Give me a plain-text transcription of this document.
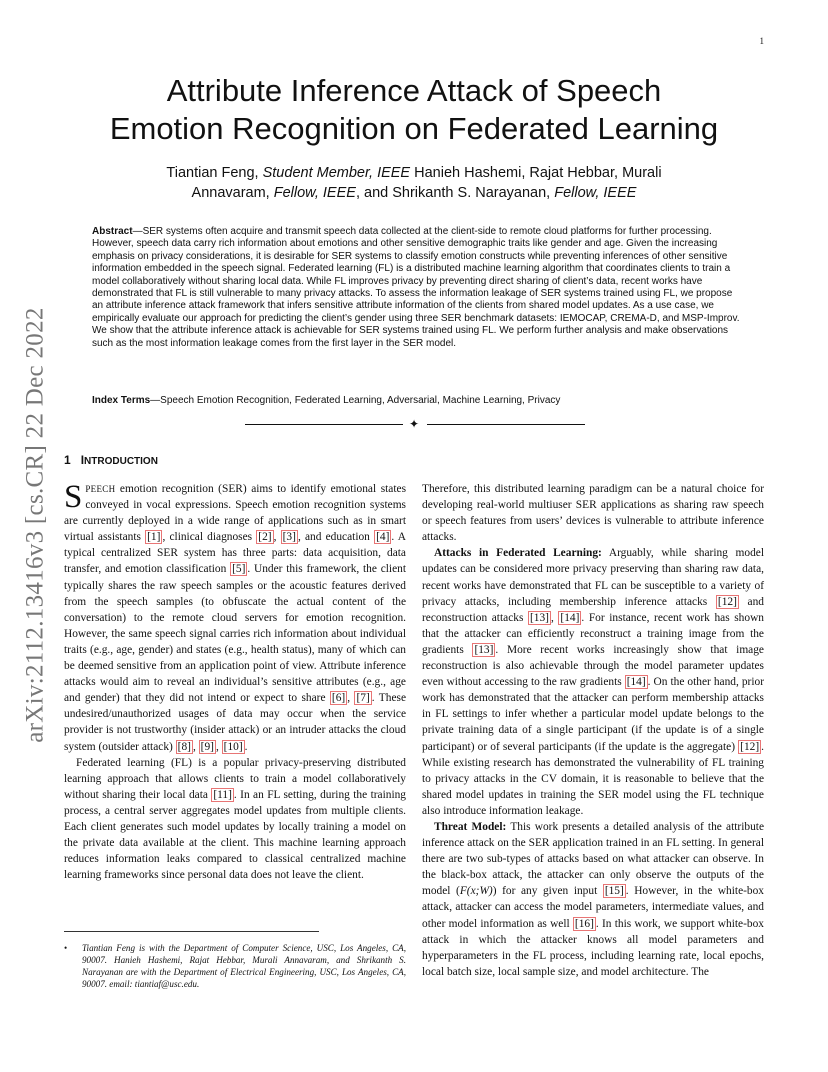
1
arXiv:2112.13416v3 [cs.CR] 22 Dec 2022
Attribute Inference Attack of Speech
Emotion Recognition on Federated Learning
Tiantian Feng, Student Member, IEEE Hanieh Hashemi, Rajat Hebbar, Murali
Annavaram, Fellow, IEEE, and Shrikanth S. Narayanan, Fellow, IEEE
Abstract—SER systems often acquire and transmit speech data collected at the client-side to remote cloud platforms for further processing. However, speech data carry rich information about emotions and other sensitive demographic traits like gender and age. Given the increasing emphasis on privacy considerations, it is desirable for SER systems to classify emotion constructs while preventing inferences of other sensitive information embedded in the speech signal. Federated learning (FL) is a distributed machine learning algorithm that coordinates clients to train a model collaboratively without sharing local data. While FL improves privacy by preventing direct sharing of client’s data, recent works have demonstrated that FL is still vulnerable to many privacy attacks. To assess the information leakage of SER systems trained using FL, we propose an attribute inference attack framework that infers sensitive attribute information of the clients from shared model updates. As a use case, we empirically evaluate our approach for predicting the client’s gender using three SER benchmark datasets: IEMOCAP, CREMA-D, and MSP-Improv. We show that the attribute inference attack is achievable for SER systems trained using FL. We perform further analysis and make observations such as the most information leakage comes from the first layer in the SER model.
Index Terms—Speech Emotion Recognition, Federated Learning, Adversarial, Machine Learning, Privacy
✦
1 INTRODUCTION

SPEECH emotion recognition (SER) aims to identify emotional states conveyed in vocal expressions. Speech emotion recognition systems are currently deployed in a wide range of applications such as in smart virtual assistants [1] , clinical diagnoses [2] , [3] , and education [4] . A typical centralized SER system has three parts: data acquisition, data transfer, and emotion classification [5] . Under this framework, the client typically shares the raw speech samples or the acoustic features derived from the speech samples (to obfuscate the actual content of the conversation) to the remote cloud servers for emotion recognition. However, the same speech signal carries rich information about individual traits (e.g., age, gender) and states (e.g., health status), many of which can be deemed sensitive from an application point of view. Attribute inference attacks would aim to reveal an individual’s sensitive attributes (e.g., age and gender) that they did not intend or expect to share [6] , [7] . These undesired/unauthorized usages of data may occur when the service provider is not trustworthy (insider attack) or an intruder attacks the cloud system (outsider attack) [8] , [9] , [10] .

Federated learning (FL) is a popular privacy-preserving distributed learning approach that allows clients to train a model collaboratively without sharing their local data [11] . In an FL setting, during the training process, a central server aggregates model updates from multiple clients. Each client generates such model updates by locally training a model on the private data available at the client. This machine learning approach reduces information leaks compared to classical centralized machine learning frameworks since personal data does not leave the client.

Therefore, this distributed learning paradigm can be a natural choice for developing real-world multiuser SER applications as sharing raw speech or speech features from users’ devices is vulnerable to attribute inference attacks.

Attacks in Federated Learning: Arguably, while sharing model updates can be considered more privacy preserving than sharing raw data, recent works have demonstrated that FL can be susceptible to a variety of privacy attacks, including membership inference attacks [12] and reconstruction attacks [13] , [14] . For instance, recent work has shown that the attacker can efficiently reconstruct a training image from the gradients [13] . More recent works increasingly show that image reconstruction is also achievable through the model parameter updates even without accessing to the raw gradients [14] . On the other hand, prior work has demonstrated that the attacker can perform membership attacks in FL settings to infer whether a particular model update belongs to the private training data of a single participant (if the update is of a single participant) or of several participants (if the update is the aggregate) [12] . While existing research has demonstrated the vulnerability of FL training to privacy attacks in the CV domain, it is reasonable to believe that the shared model updates in training the SER model using the FL technique also introduce information leakage.

Threat Model: This work presents a detailed analysis of the attribute inference attack on the SER application trained in an FL setting. In general there are two sub-types of attacks based on what attacker can observe. In the black-box attack, the attacker can only observe the outputs of the model (F(x;W)) for any given input [15] . However, in the white-box attack, attacker can access the model parameters, intermediate values, and other model information as well [16] . In this work, we support white-box attack in which the attacker knows all model parameters and hyperparameters in the FL process, including learning rate, local epochs, local batch size, local sample size, and model architecture. The

•	Tiantian Feng is with the Department of Computer Science, USC, Los Angeles, CA, 90007. Hanieh Hashemi, Rajat Hebbar, Murali Annavaram, and Shrikanth S. Narayanan are with the Department of Electrical Engineering, USC, Los Angeles, CA, 90007. email: tiantiaf@usc.edu.
